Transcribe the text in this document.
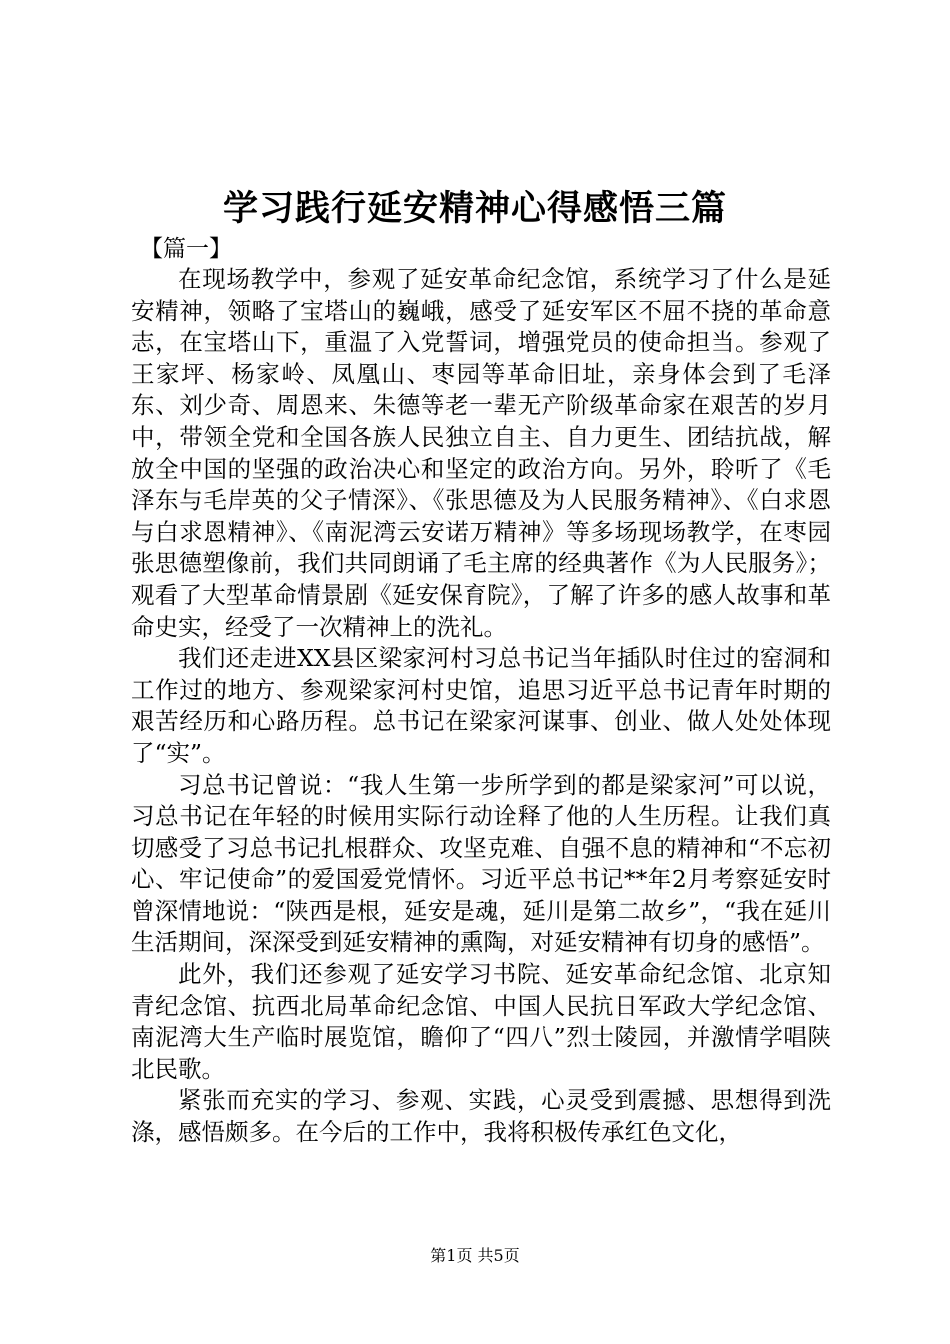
学习践行延安精神心得感悟三篇
【篇一】

在现场教学中，参观了延安革命纪念馆，系统学习了什么是延安精神，领略了宝塔山的巍峨，感受了延安军区不屈不挠的革命意志，在宝塔山下，重温了入党誓词，增强党员的使命担当。参观了王家坪、杨家岭、凤凰山、枣园等革命旧址，亲身体会到了毛泽东、刘少奇、周恩来、朱德等老一辈无产阶级革命家在艰苦的岁月中，带领全党和全国各族人民独立自主、自力更生、团结抗战，解放全中国的坚强的政治决心和坚定的政治方向。另外，聆听了《毛泽东与毛岸英的父子情深》、《张思德及为人民服务精神》、《白求恩与白求恩精神》、《南泥湾云安诺万精神》等多场现场教学，在枣园张思德塑像前，我们共同朗诵了毛主席的经典著作《为人民服务》；观看了大型革命情景剧《延安保育院》，了解了许多的感人故事和革命史实，经受了一次精神上的洗礼。

我们还走进XX县区梁家河村习总书记当年插队时住过的窑洞和工作过的地方、参观梁家河村史馆，追思习近平总书记青年时期的艰苦经历和心路历程。总书记在梁家河谋事、创业、做人处处体现了“实”。

习总书记曾说：“我人生第一步所学到的都是梁家河”可以说，习总书记在年轻的时候用实际行动诠释了他的人生历程。让我们真切感受了习总书记扎根群众、攻坚克难、自强不息的精神和“不忘初心、牢记使命”的爱国爱党情怀。习近平总书记**年2月考察延安时曾深情地说：“陕西是根，延安是魂，延川是第二故乡”，“我在延川生活期间，深深受到延安精神的熏陶，对延安精神有切身的感悟”。

此外，我们还参观了延安学习书院、延安革命纪念馆、北京知青纪念馆、抗西北局革命纪念馆、中国人民抗日军政大学纪念馆、南泥湾大生产临时展览馆，瞻仰了“四八”烈士陵园，并激情学唱陕北民歌。

紧张而充实的学习、参观、实践，心灵受到震撼、思想得到洗涤，感悟颇多。在今后的工作中，我将积极传承红色文化，

第1页 共5页
